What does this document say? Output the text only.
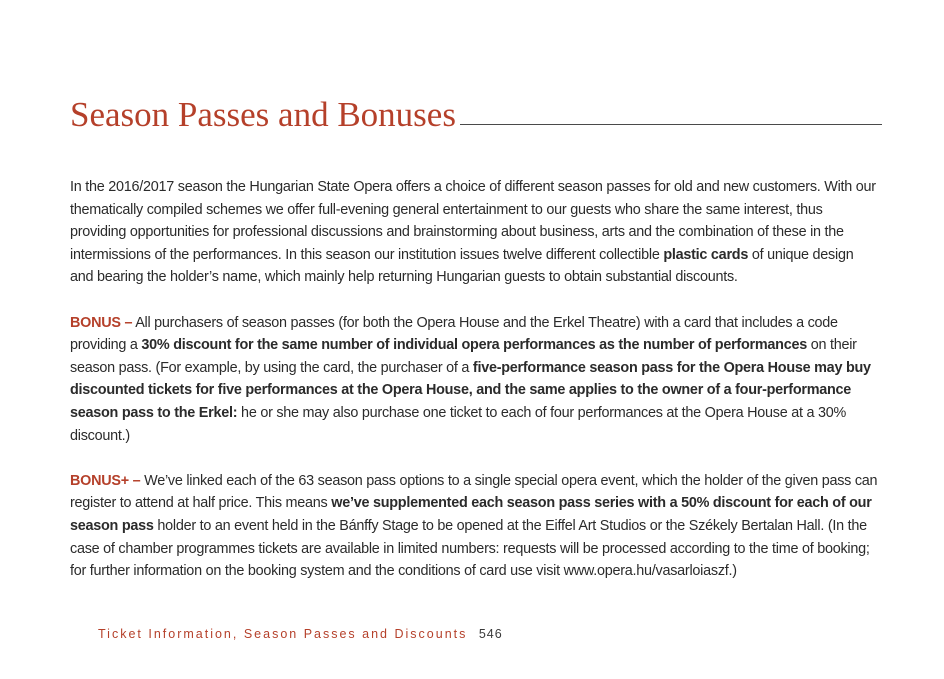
Season Passes and Bonuses

In the 2016/2017 season the Hungarian State Opera offers a choice of different season passes for old and new customers. With our thematically compiled schemes we offer full-evening general entertainment to our guests who share the same interest, thus providing opportunities for professional discussions and brainstorming about business, arts and the combination of these in the intermissions of the performances. In this season our institution issues twelve different collectible plastic cards of unique design and bearing the holder’s name, which mainly help returning Hungarian guests to obtain substantial discounts.

BONUS – All purchasers of season passes (for both the Opera House and the Erkel Theatre) with a card that includes a code providing a 30% discount for the same number of individual opera performances as the number of performances on their season pass. (For example, by using the card, the purchaser of a five-performance season pass for the Opera House may buy discounted tickets for five performances at the Opera House, and the same applies to the owner of a four-performance season pass to the Erkel: he or she may also purchase one ticket to each of four performances at the Opera House at a 30% discount.)

BONUS+ – We’ve linked each of the 63 season pass options to a single special opera event, which the holder of the given pass can register to attend at half price. This means we’ve supplemented each season pass series with a 50% discount for each of our season pass holder to an event held in the Bánffy Stage to be opened at the Eiffel Art Studios or the Székely Bertalan Hall. (In the case of chamber programmes tickets are available in limited numbers: requests will be processed according to the time of booking; for further information on the booking system and the conditions of card use visit www.opera.hu/vasarloiaszf.)

Ticket Information, Season Passes and Discounts 546
